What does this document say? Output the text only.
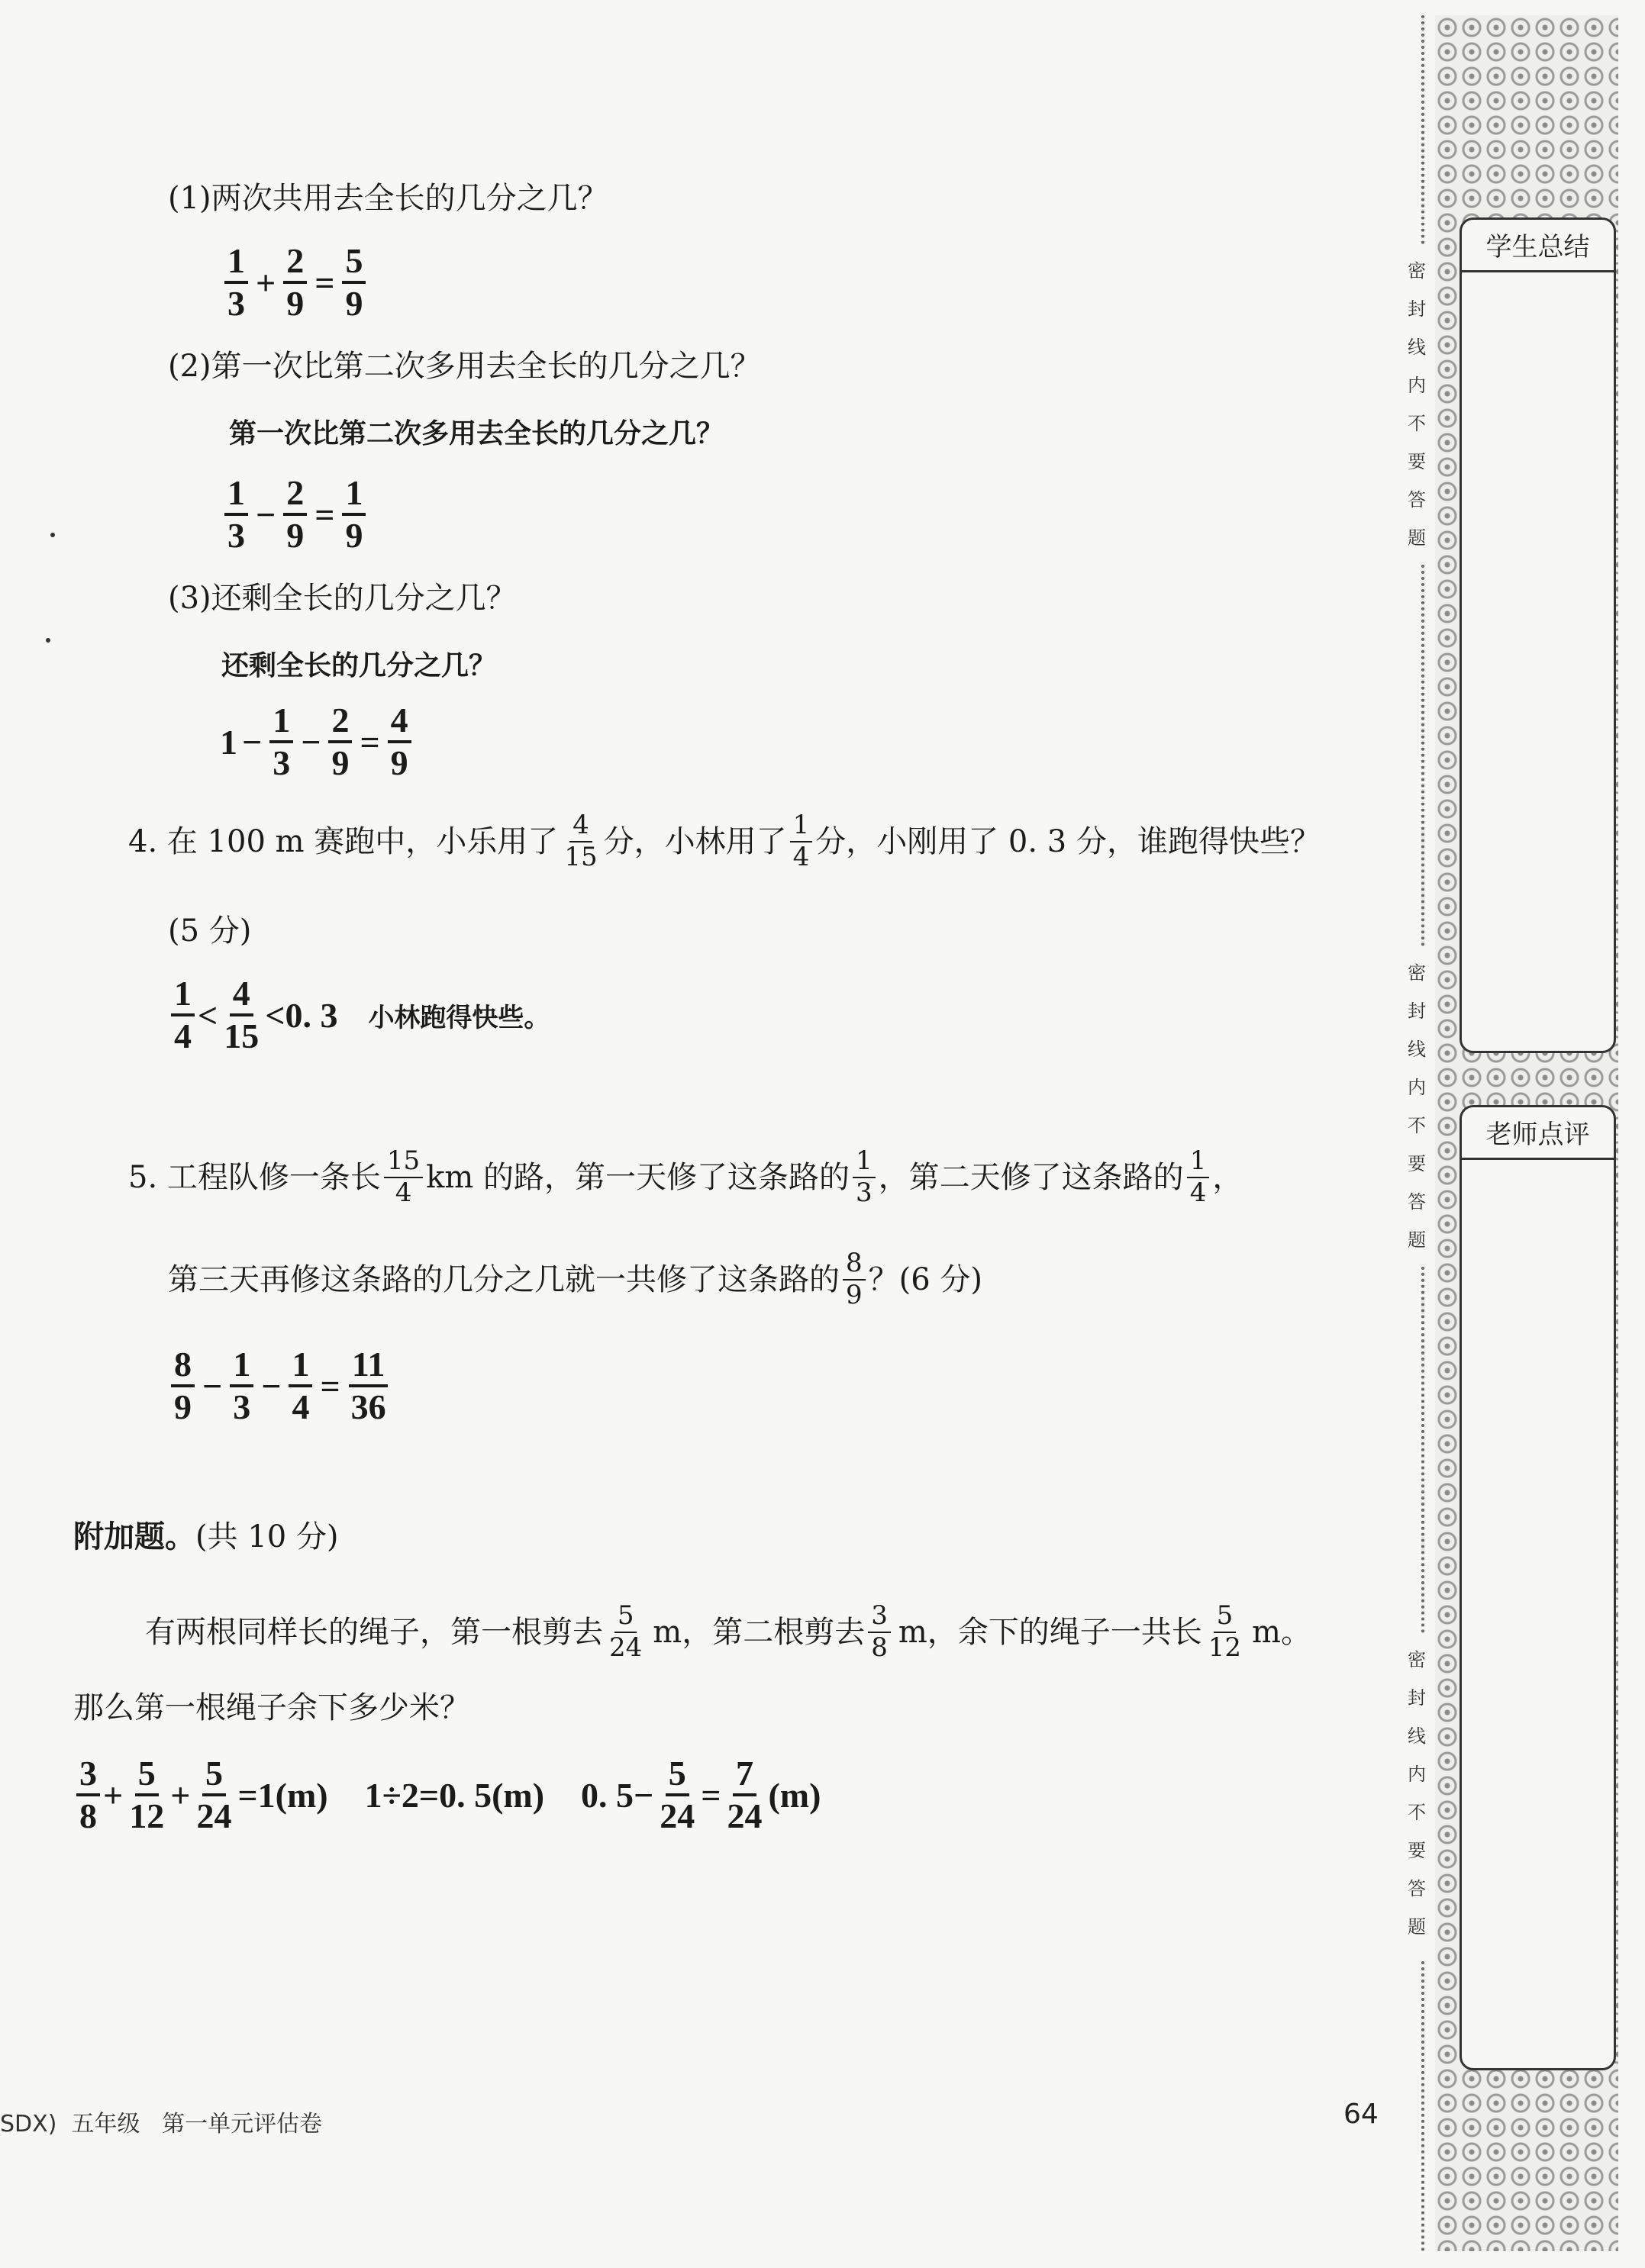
(1)两次共用去全长的几分之几？
$\frac{1}{3} + \frac{2}{9} = \frac{5}{9}$
(2)第一次比第二次多用去全长的几分之几？
第一次比第二次多用去全长的几分之几？
$\frac{1}{3} - \frac{2}{9} = \frac{1}{9}$
(3)还剩全长的几分之几？
还剩全长的几分之几？
$1 - \frac{1}{3} - \frac{2}{9} = \frac{4}{9}$
4. 在 100 m 赛跑中，小乐用了 $\frac{4}{15}$ 分，小林用了 $\frac{1}{4}$ 分，小刚用了 0. 3 分，谁跑得快些？
(5 分)
$\frac{1}{4} < \frac{4}{15} < 0$. 3 小林跑得快些。
5. 工程队修一条长 $\frac{15}{4}$ km 的路，第一天修了这条路的 $\frac{1}{3}$ ，第二天修了这条路的 $\frac{1}{4}$ ，
第三天再修这条路的几分之几就一共修了这条路的 $\frac{8}{9}$ ？(6 分)
$\frac{8}{9} - \frac{1}{3} - \frac{1}{4} = \frac{11}{36}$
附加题。 (共 10 分)
有两根同样长的绳子，第一根剪去 $\frac{5}{24}$ m，第二根剪去 $\frac{3}{8}$ m，余下的绳子一共长 $\frac{5}{12}$ m。
那么第一根绳子余下多少米？
$\frac{3}{8} + \frac{5}{12} + \frac{5}{24} =1(m)$ 1÷2=0. 5(m) 0. $5- \frac{5}{24} = \frac{7}{24} (m)$
SDX)  五年级   第一单元评估卷	64
密
封
线
内
不
要
答
题
密
封
线
内
不
要
答
题
密
封
线
内
不
要
答
题
学生总结
老师点评
